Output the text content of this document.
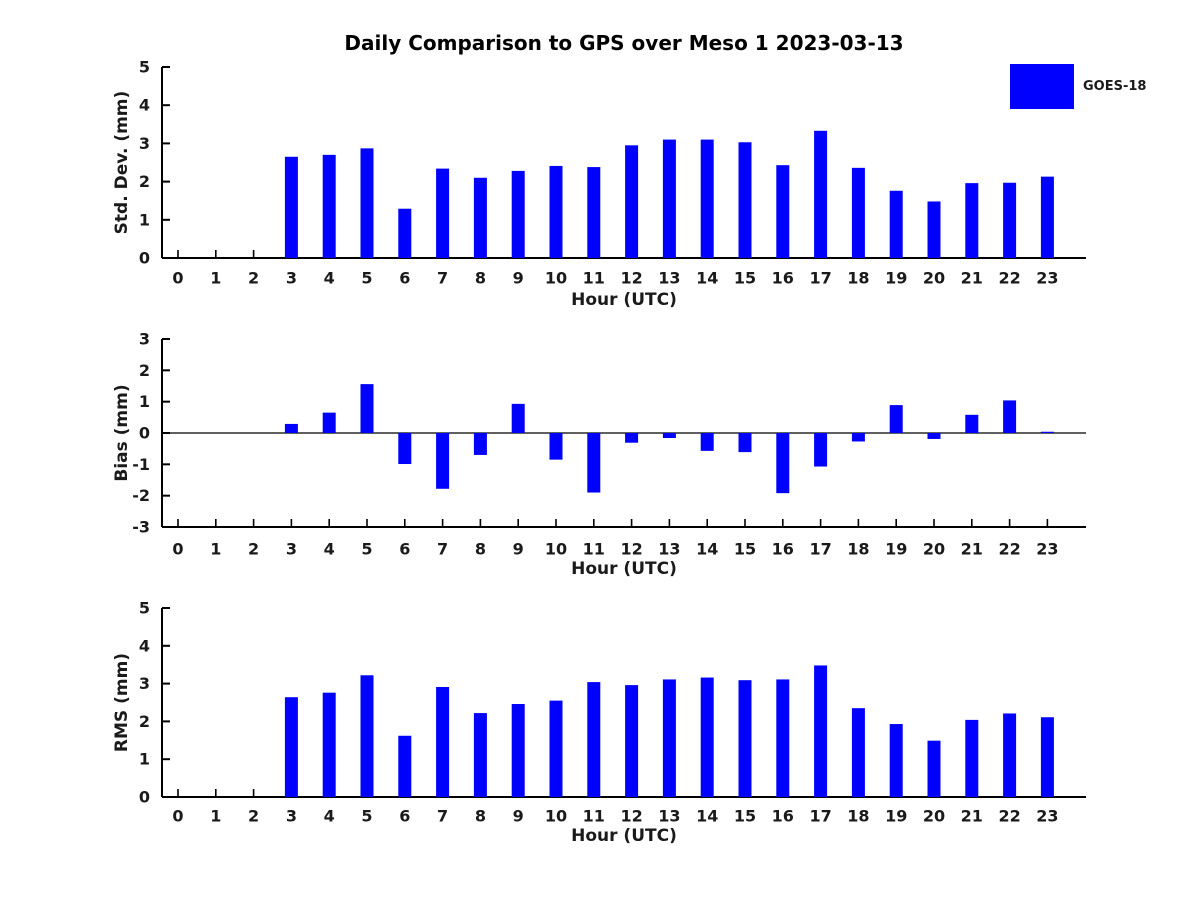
Daily Comparison to GPS over Meso 1 2023-03-13
0
1
2
3
4
5
0 1 2 3 4 5 6 7 8 9 10 11 12 13 14 15 16 17 18 19 20 21 22 23
Std. Dev. (mm)
Hour (UTC)
GOES-18
-3
-2
-1
0
1
2
3
0 1 2 3 4 5 6 7 8 9 10 11 12 13 14 15 16 17 18 19 20 21 22 23
Bias (mm)
Hour (UTC)
0
1
2
3
4
5
0 1 2 3 4 5 6 7 8 9 10 11 12 13 14 15 16 17 18 19 20 21 22 23
RMS (mm)
Hour (UTC)
